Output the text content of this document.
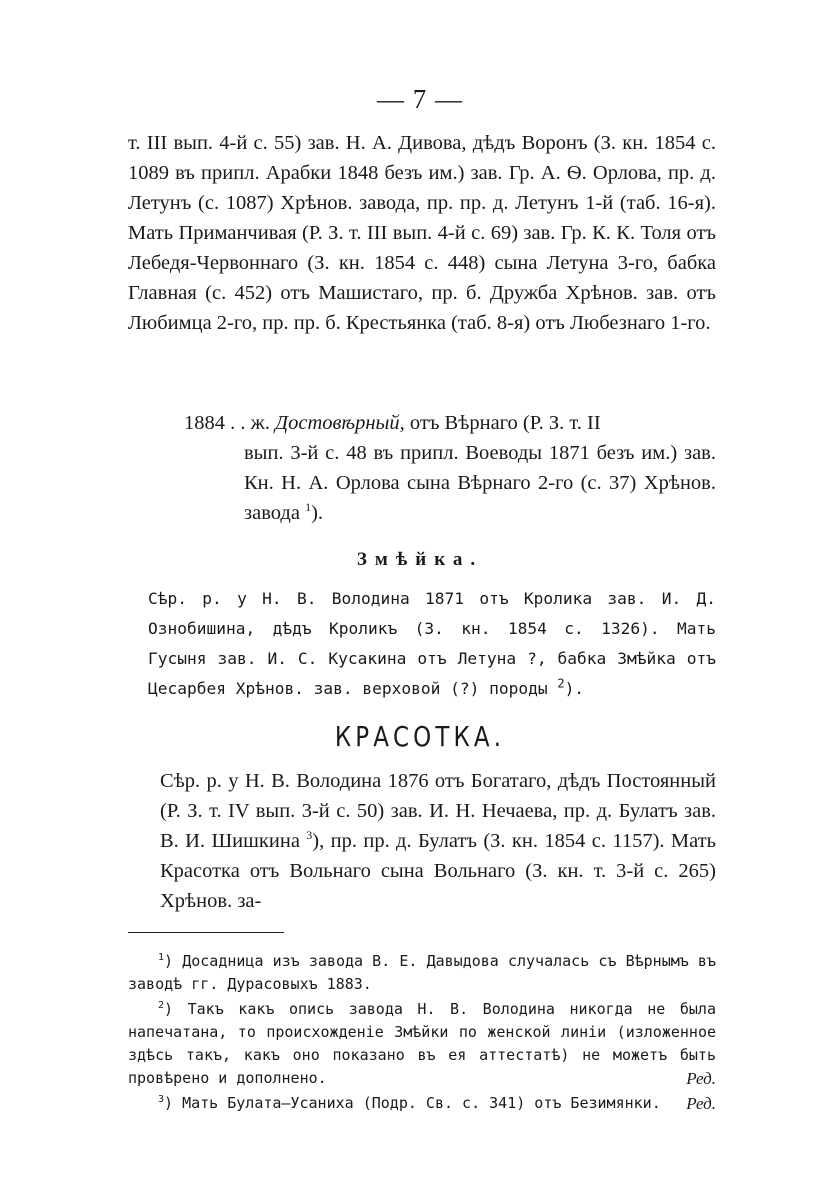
— 7 —

т. III вып. 4-й с. 55) зав. Н. А. Дивова, дѣдъ Воронъ (З. кн. 1854 с. 1089 въ припл. Арабки 1848 безъ им.) зав. Гр. А. Ѳ. Орлова, пр. д. Летунъ (с. 1087) Хрѣнов. завода, пр. пр. д. Летунъ 1-й (таб. 16-я). Мать Приманчивая (Р. З. т. III вып. 4-й с. 69) зав. Гр. К. К. Толя отъ Лебедя-Червоннаго (З. кн. 1854 с. 448) сына Летуна 3-го, бабка Главная (с. 452) отъ Машистаго, пр. б. Дружба Хрѣнов. зав. отъ Любимца 2-го, пр. пр. б. Крестьянка (таб. 8-я) отъ Любезнаго 1-го.

1884 . . ж. Достовѣрный, отъ Вѣрнаго (Р. З. т. II

вып. 3-й с. 48 въ припл. Воеводы 1871 безъ им.) зав. Кн. Н. А. Орлова сына Вѣрнаго 2-го (с. 37) Хрѣнов. завода $^1$).

Змѣйка.

Сѣр. р. у Н. В. Володина 1871 отъ Кролика зав. И. Д. Ознобишина, дѣдъ Кроликъ (З. кн. 1854 с. 1326). Мать Гусыня зав. И. С. Кусакина отъ Летуна ?, бабка Змѣйка отъ Цесарбея Хрѣнов. зав. верховой (?) породы $^2$).

КРАСОТКА.

Сѣр. р. у Н. В. Володина 1876 отъ Богатаго, дѣдъ Постоянный (Р. З. т. IV вып. 3-й с. 50) зав. И. Н. Нечаева, пр. д. Булатъ зав. В. И. Шишкина $^3$), пр. пр. д. Булатъ (З. кн. 1854 с. 1157). Мать Красотка отъ Вольнаго сына Вольнаго (З. кн. т. 3-й с. 265) Хрѣнов. за-

$^1$) Досадница изъ завода В. Е. Давыдова случалась съ Вѣрнымъ въ заводѣ гг. Дурасовыхъ 1883.

$^2$) Такъ какъ опись завода Н. В. Володина никогда не была напечатана, то происхожденіе Змѣйки по женской линіи (изложенное здѣсь такъ, какъ оно показано въ ея аттестатѣ) не можетъ быть провѣрено и дополнено.	Ред.

$^3$) Мать Булата—Усаниха (Подр. Св. с. 341) отъ Безимянки. Ред.
